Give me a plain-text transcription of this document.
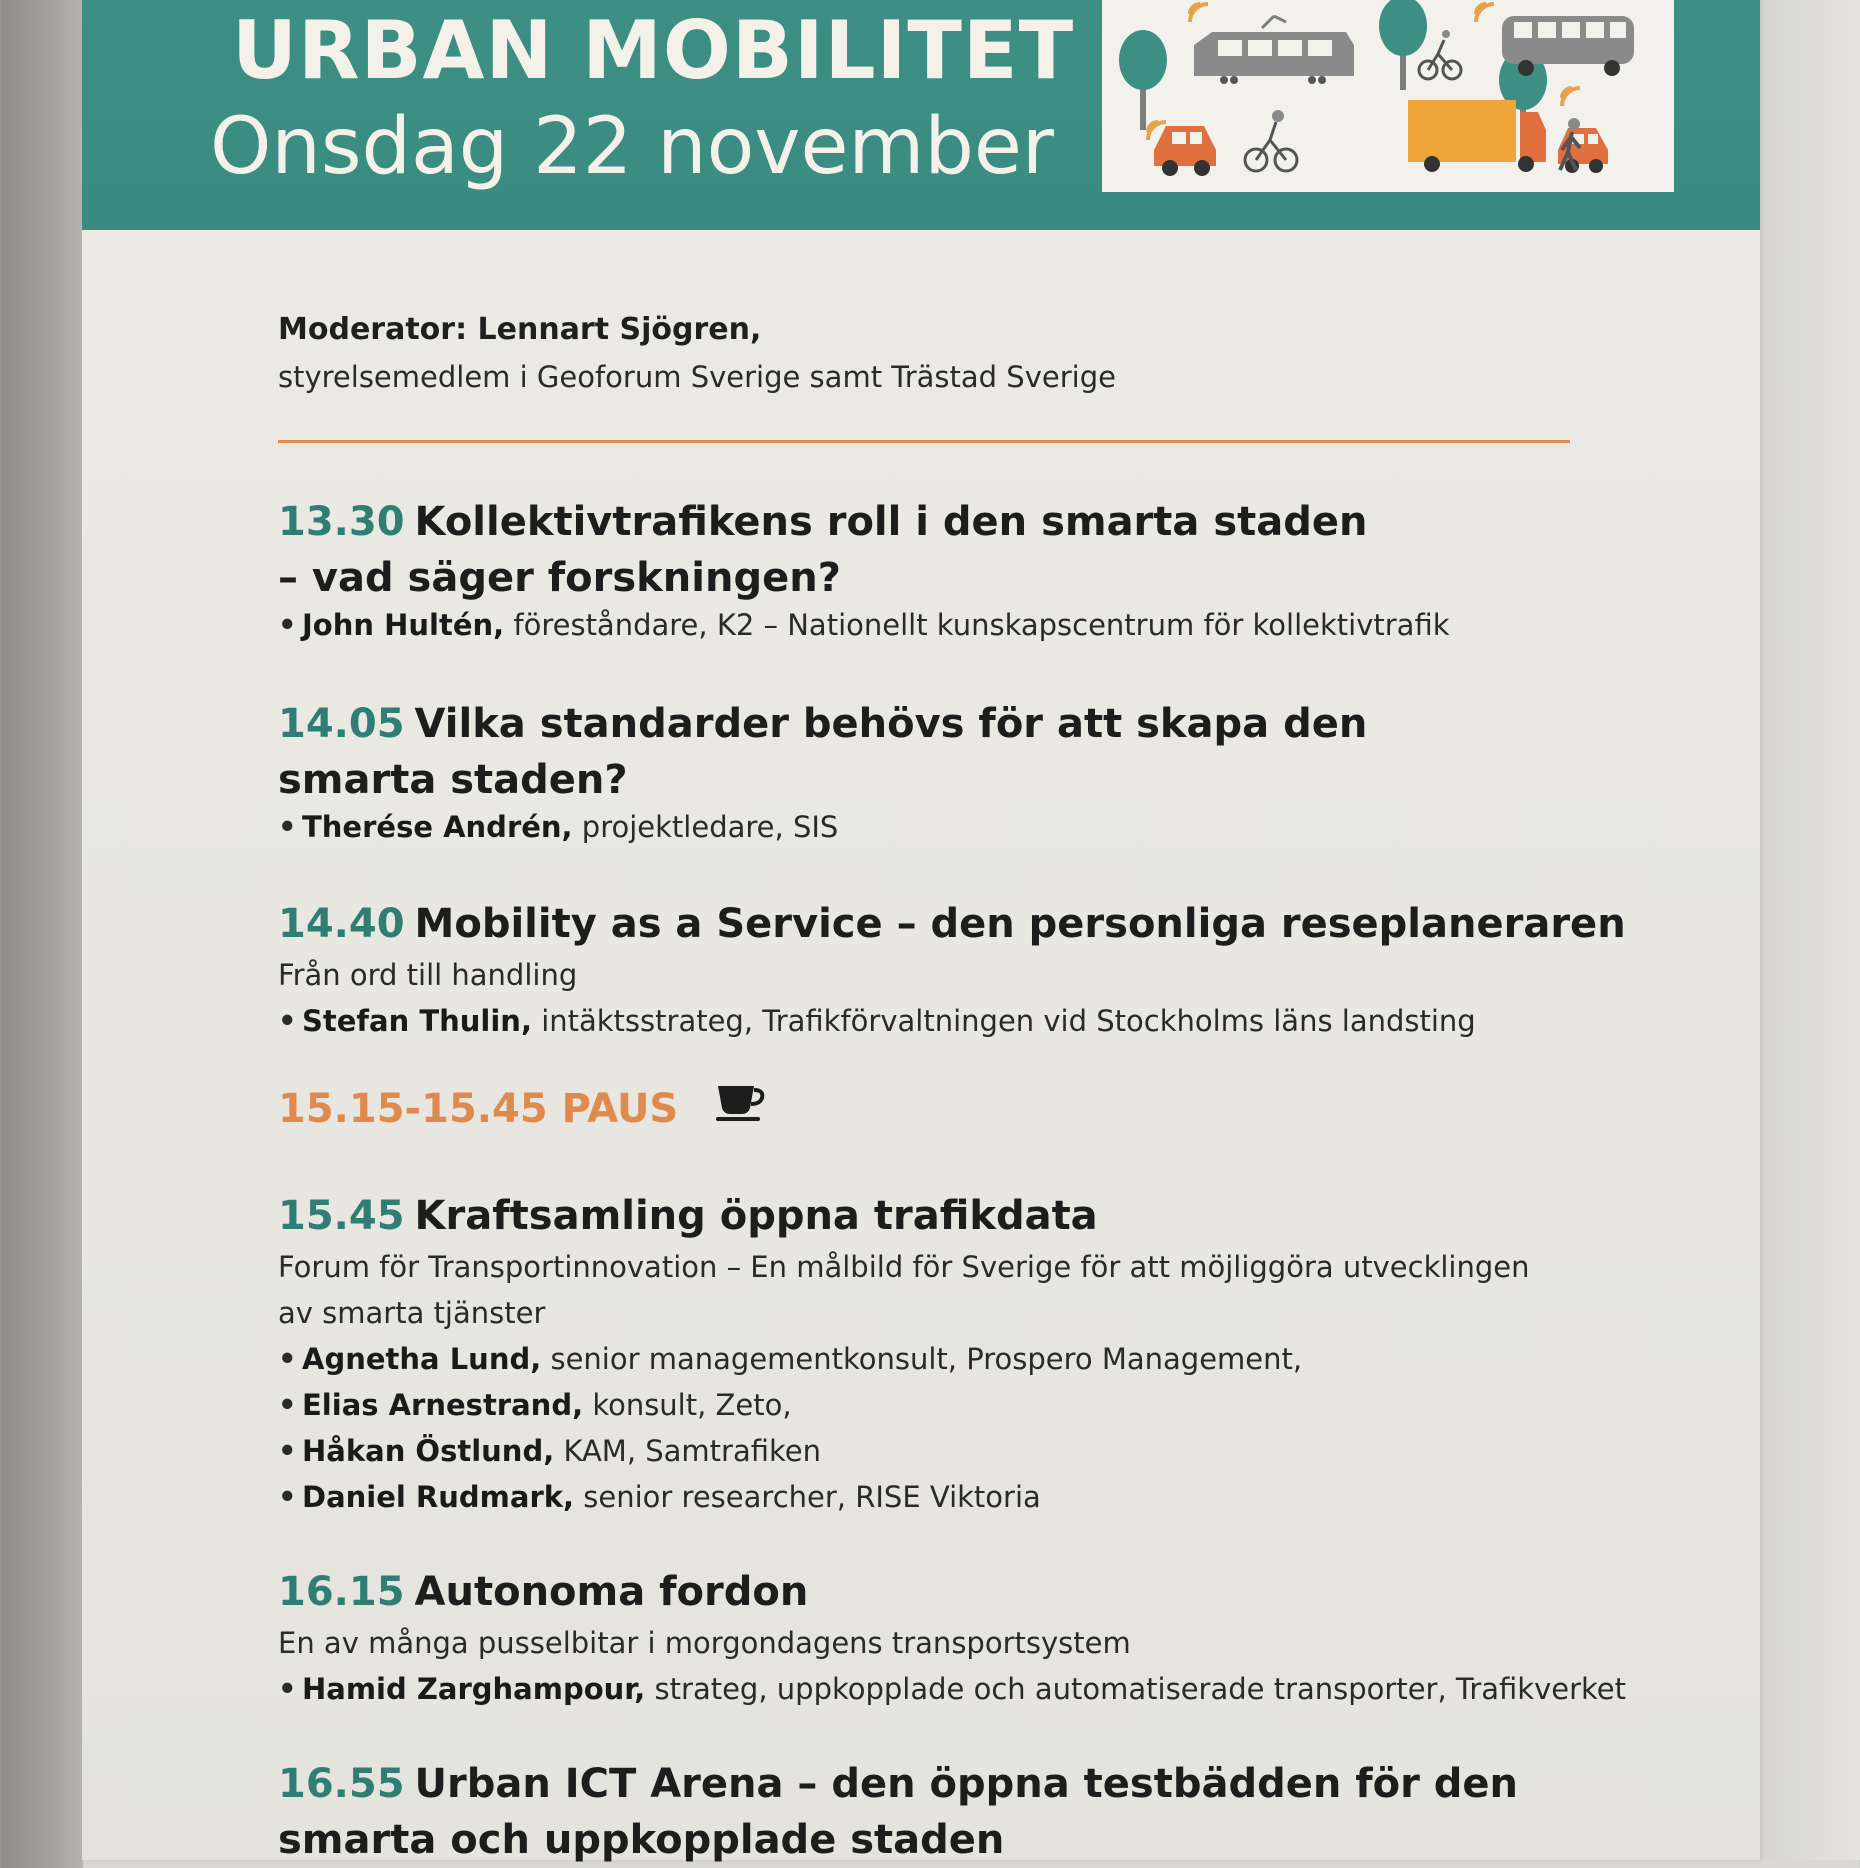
URBAN MOBILITET
Onsdag 22 november
Moderator: Lennart Sjögren,
styrelsemedlem i Geoforum Sverige samt Trästad Sverige
13.30 Kollektivtrafikens roll i den smarta staden
– vad säger forskningen?
• John Hultén, föreståndare, K2 – Nationellt kunskapscentrum för kollektivtrafik
14.05 Vilka standarder behövs för att skapa den
smarta staden?
• Therése Andrén, projektledare, SIS
14.40 Mobility as a Service – den personliga reseplaneraren
Från ord till handling
• Stefan Thulin, intäktsstrateg, Trafikförvaltningen vid Stockholms läns landsting
15.15-15.45 PAUS
15.45 Kraftsamling öppna trafikdata
Forum för Transportinnovation – En målbild för Sverige för att möjliggöra utvecklingen
av smarta tjänster
• Agnetha Lund, senior managementkonsult, Prospero Management,
• Elias Arnestrand, konsult, Zeto,
• Håkan Östlund, KAM, Samtrafiken
• Daniel Rudmark, senior researcher, RISE Viktoria
16.15 Autonoma fordon
En av många pusselbitar i morgondagens transportsystem
• Hamid Zarghampour, strateg, uppkopplade och automatiserade transporter, Trafikverket
16.55 Urban ICT Arena – den öppna testbädden för den
smarta och uppkopplade staden
